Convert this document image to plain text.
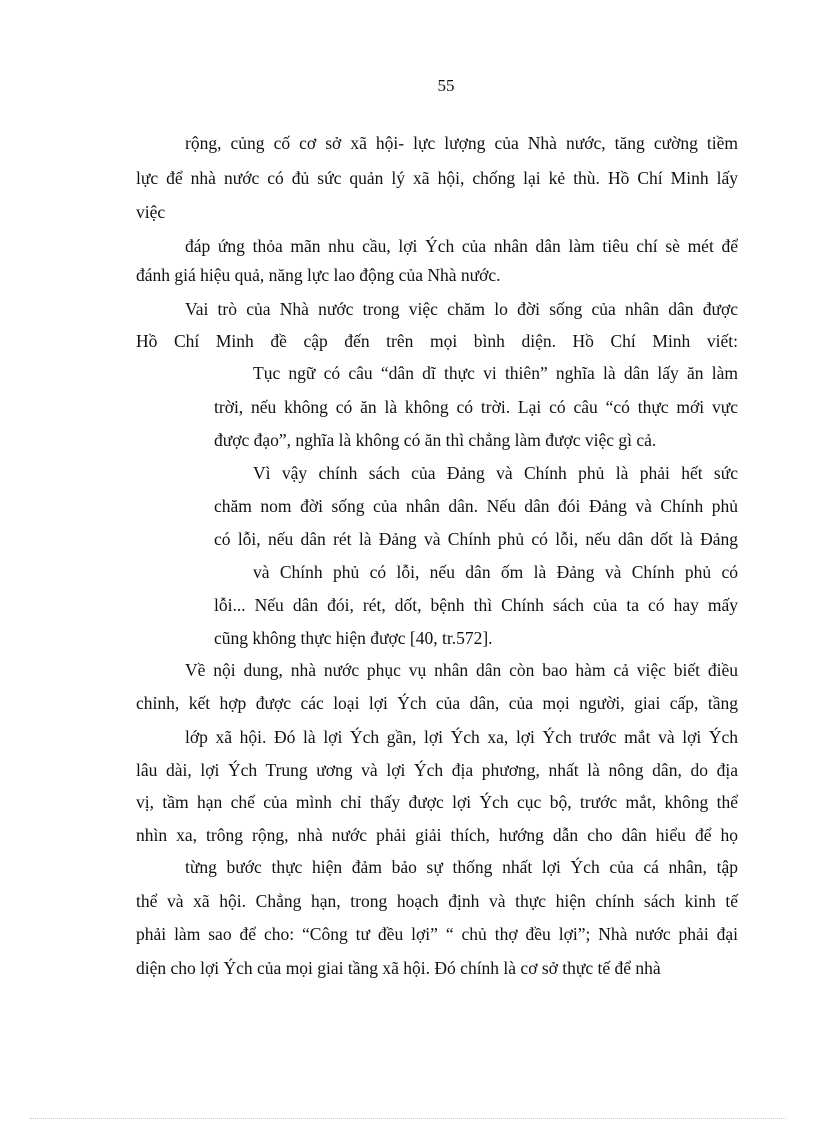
55
rộng, củng cố cơ sở xã hội- lực lượng của Nhà nước, tăng cường tiềm
lực để nhà nước có đủ sức quản lý xã hội, chống lại kẻ thù. Hồ Chí Minh lấy
việc
đáp ứng thỏa mãn nhu cầu, lợi Ých của nhân dân làm tiêu chí sè mét để
đánh giá hiệu quả, năng lực lao động của Nhà nước.
Vai trò của Nhà nước trong việc chăm lo đời sống của nhân dân được
Hồ Chí Minh đề cập đến trên mọi bình diện. Hồ Chí Minh viết:
Tục ngữ có câu “dân dĩ thực vi thiên” nghĩa là dân lấy ăn làm
trời, nếu không có ăn là không có trời. Lại có câu “có thực mới vực
được đạo”, nghĩa là không có ăn thì chẳng làm được việc gì cả.
Vì vậy chính sách của Đảng và Chính phủ là phải hết sức
chăm nom đời sống của nhân dân. Nếu dân đói Đảng và Chính phủ
có lỗi, nếu dân rét là Đảng và Chính phủ có lỗi, nếu dân dốt là Đảng
và Chính phủ có lỗi, nếu dân ốm là Đảng và Chính phủ có
lỗi... Nếu dân đói, rét, dốt, bệnh thì Chính sách của ta có hay mấy
cũng không thực hiện được [40, tr.572].
Về nội dung, nhà nước phục vụ nhân dân còn bao hàm cả việc biết điều
chỉnh, kết hợp được các loại lợi Ých của dân, của mọi người, giai cấp, tầng
lớp xã hội. Đó là lợi Ých gần, lợi Ých xa, lợi Ých trước mắt và lợi Ých
lâu dài, lợi Ých Trung ương và lợi Ých địa phương, nhất là nông dân, do địa
vị, tầm hạn chế của mình chỉ thấy được lợi Ých cục bộ, trước mắt, không thể
nhìn xa, trông rộng, nhà nước phải giải thích, hướng dẫn cho dân hiểu để họ
từng bước thực hiện đảm bảo sự thống nhất lợi Ých của cá nhân, tập
thể và xã hội. Chẳng hạn, trong hoạch định và thực hiện chính sách kinh tế
phải làm sao để cho: “Công tư đều lợi” “ chủ thợ đều lợi”; Nhà nước phải đại
diện cho lợi Ých của mọi giai tầng xã hội. Đó chính là cơ sở thực tế để nhà
